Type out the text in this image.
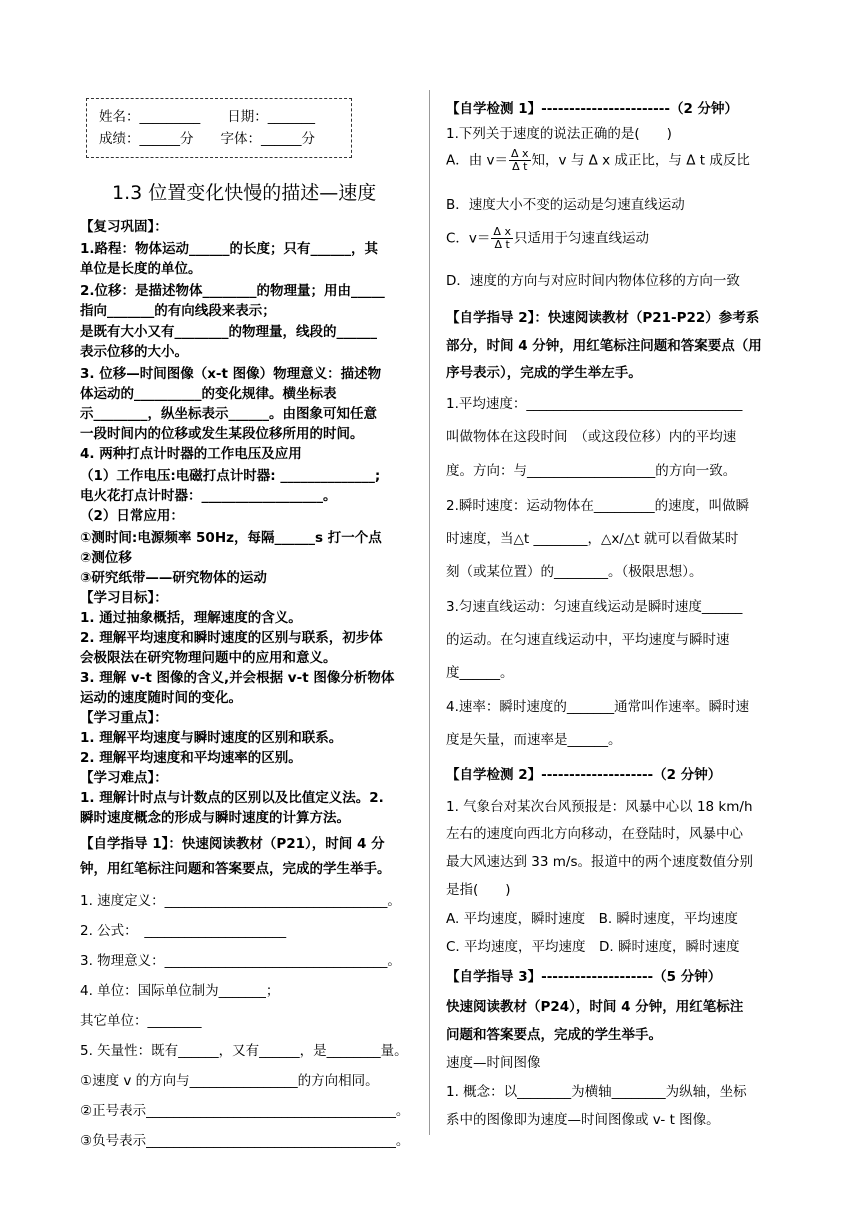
姓名：_________　　日期：_______
成绩：______分　　字体：______分
1.3 位置变化快慢的描述—速度
【复习巩固】：
1.路程：物体运动______的长度；只有______，其
单位是长度的单位。
2.位移：是描述物体________的物理量；用由_____
指向_______的有向线段来表示；
是既有大小又有________的物理量，线段的______
表示位移的大小。
3. 位移—时间图像（x-t 图像）物理意义：描述物
体运动的__________的变化规律。横坐标表
示________，纵坐标表示______。由图象可知任意
一段时间内的位移或发生某段位移所用的时间。
4. 两种打点计时器的工作电压及应用
（1）工作电压:电磁打点计时器: ______________;
电火花打点计时器：__________________。
（2）日常应用：
①测时间:电源频率 50Hz，每隔______s 打一个点
②测位移
③研究纸带——研究物体的运动
【学习目标】：
1. 通过抽象概括，理解速度的含义。
2. 理解平均速度和瞬时速度的区别与联系，初步体
会极限法在研究物理问题中的应用和意义。
3. 理解 v-t 图像的含义,并会根据 v-t 图像分析物体
运动的速度随时间的变化。
【学习重点】：
1. 理解平均速度与瞬时速度的区别和联系。
2. 理解平均速度和平均速率的区别。
【学习难点】：
1. 理解计时点与计数点的区别以及比值定义法。2.
瞬时速度概念的形成与瞬时速度的计算方法。
【自学指导 1】：快速阅读教材（P21），时间 4 分
钟，用红笔标注问题和答案要点，完成的学生举手。
1. 速度定义：_________________________________。
2. 公式：　_____________________
3. 物理意义：_________________________________。
4. 单位：国际单位制为_______；
其它单位：________
5. 矢量性：既有______，又有______，是________量。
①速度 v 的方向与________________的方向相同。
②正号表示_____________________________________。
③负号表示_____________________________________。
A．由 $v= \frac{\text{Δ x}}{\text{Δ t}}$ 知，v 与 Δ x 成正比，与 Δ t 成反比
C．$v= \frac{\text{Δ x}}{\text{Δ t}}$ 只适用于匀速直线运动
【自学检测 1】-----------------------（2 分钟）
1.下列关于速度的说法正确的是(　　)
B．速度大小不变的运动是匀速直线运动
D．速度的方向与对应时间内物体位移的方向一致
【自学指导 2】：快速阅读教材（P21-P22）参考系
部分，时间 4 分钟，用红笔标注问题和答案要点（用
序号表示），完成的学生举左手。
1.平均速度：________________________________
叫做物体在这段时间　（或这段位移）内的平均速
度。方向：与___________________的方向一致。
2.瞬时速度：运动物体在_________的速度，叫做瞬
时速度，当△t ________，△x/△t 就可以看做某时
刻（或某位置）的________。（极限思想）。
3.匀速直线运动：匀速直线运动是瞬时速度______
的运动。在匀速直线运动中，平均速度与瞬时速
度______。
4.速率：瞬时速度的_______通常叫作速率。瞬时速
度是矢量，而速率是______。
【自学检测 2】--------------------（2 分钟）
1. 气象台对某次台风预报是：风暴中心以 18 km/h
左右的速度向西北方向移动，在登陆时，风暴中心
最大风速达到 33 m/s。报道中的两个速度数值分别
是指(　　)
A. 平均速度，瞬时速度　B. 瞬时速度，平均速度
C. 平均速度，平均速度　D. 瞬时速度，瞬时速度
【自学指导 3】--------------------（5 分钟）
快速阅读教材（P24），时间 4 分钟，用红笔标注
问题和答案要点，完成的学生举手。
速度—时间图像
1. 概念：以________为横轴________为纵轴，坐标
系中的图像即为速度—时间图像或 v- t 图像。
